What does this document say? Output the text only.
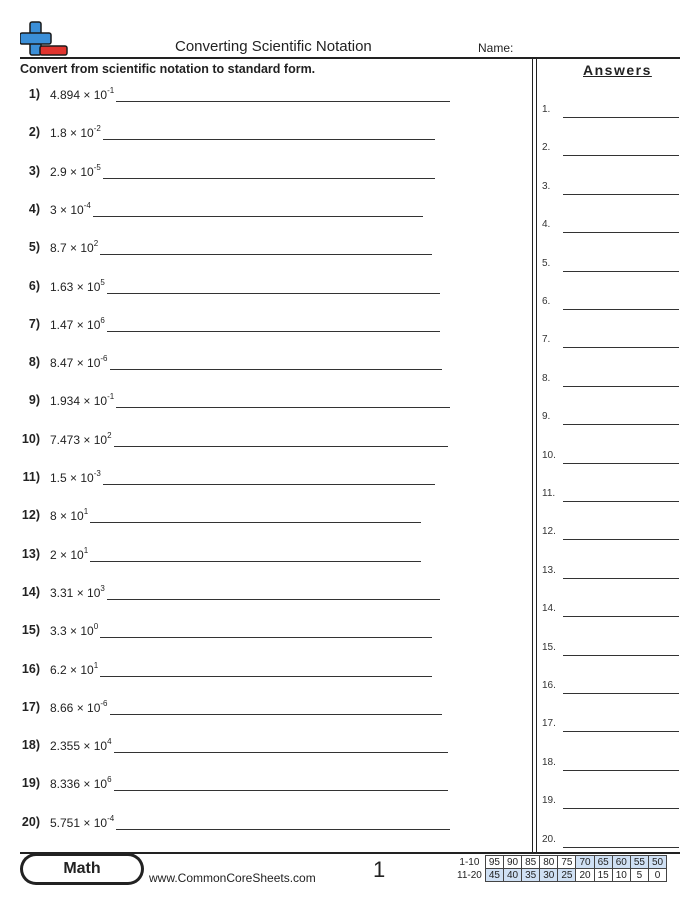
Converting Scientific Notation	Name:
Convert from scientific notation to standard form.	Answers
1) $4.894 \times 10^{-1}$
2) $1.8 \times 10^{-2}$
3) $2.9 \times 10^{-5}$
4) $3 \times 10^{-4}$
5) $8.7 \times 10^2$
6) $1.63 \times 10^5$
7) $1.47 \times 10^6$
8) $8.47 \times 10^{-6}$
9) $1.934 \times 10^{-1}$
10) $7.473 \times 10^2$
11) $1.5 \times 10^{-3}$
12) $8 \times 10^1$
13) $2 \times 10^1$
14) $3.31 \times 10^3$
15) $3.3 \times 10^0$
16) $6.2 \times 10^1$
17) $8.66 \times 10^{-6}$
18) $2.355 \times 10^4$
19) $8.336 \times 10^6$
20) $5.751 \times 10^{-4}$
1.
2.
3.
4.
5.
6.
7.
8.
9.
10.
11.
12.
13.
14.
15.
16.
17.
18.
19.
20.
Math
www.CommonCoreSheets.com	1	1-10	95	90	85	80	75	70	65	60	55	50
11-20	45	40	35	30	25	20	15	10	5	0
